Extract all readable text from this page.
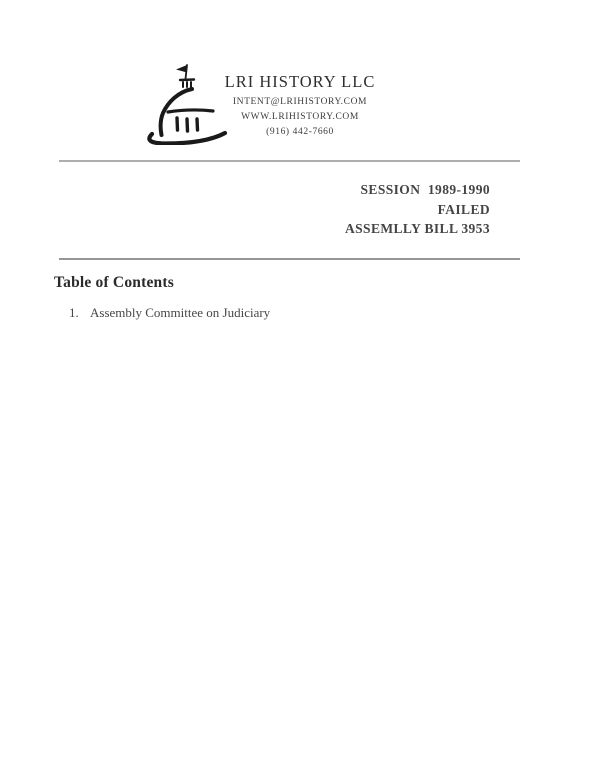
LRI HISTORY LLC
INTENT@LRIHISTORY.COM
WWW.LRIHISTORY.COM
(916) 442-7660
SESSION  1989-1990
FAILED
ASSEMLLY BILL 3953
Table of Contents
1. Assembly Committee on Judiciary
